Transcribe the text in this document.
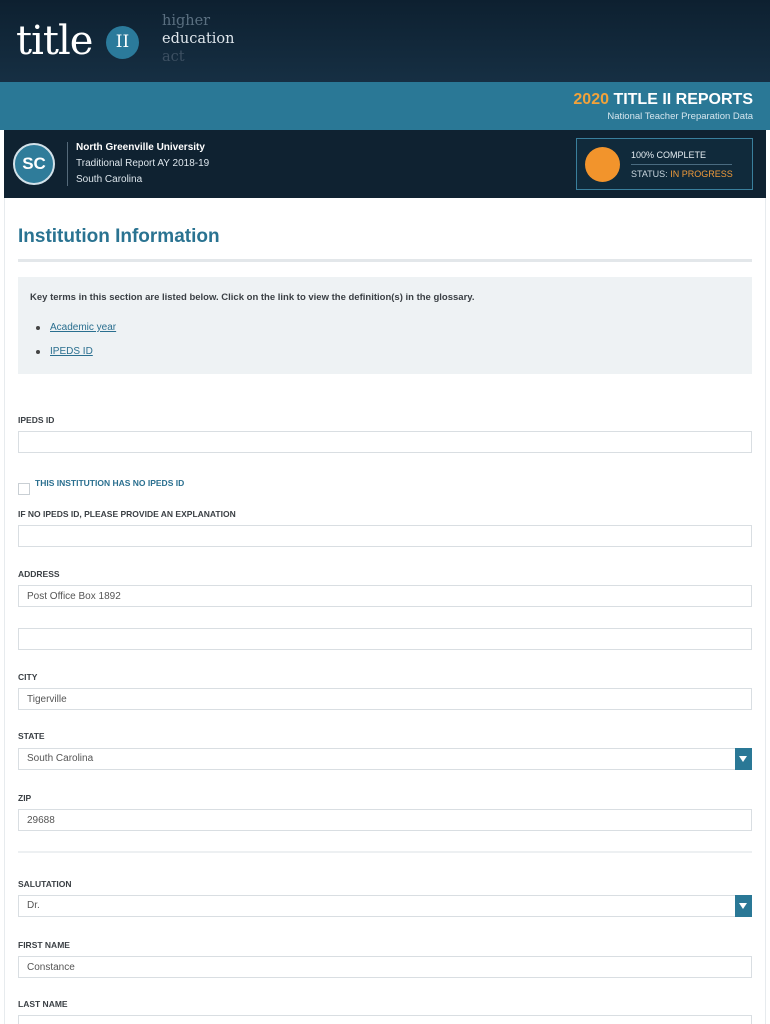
title	II
higher
education
act
2020 TITLE II REPORTS
National Teacher Preparation Data
SC
North Greenville University
Traditional Report AY 2018-19
South Carolina
100% COMPLETE
STATUS: IN PROGRESS
Institution Information
Key terms in this section are listed below. Click on the link to view the definition(s) in the glossary.
Academic year
IPEDS ID
IPEDS ID
THIS INSTITUTION HAS NO IPEDS ID
IF NO IPEDS ID, PLEASE PROVIDE AN EXPLANATION
ADDRESS
Post Office Box 1892
CITY
Tigerville
STATE
South Carolina
ZIP
29688
SALUTATION
Dr.
FIRST NAME
Constance
LAST NAME
